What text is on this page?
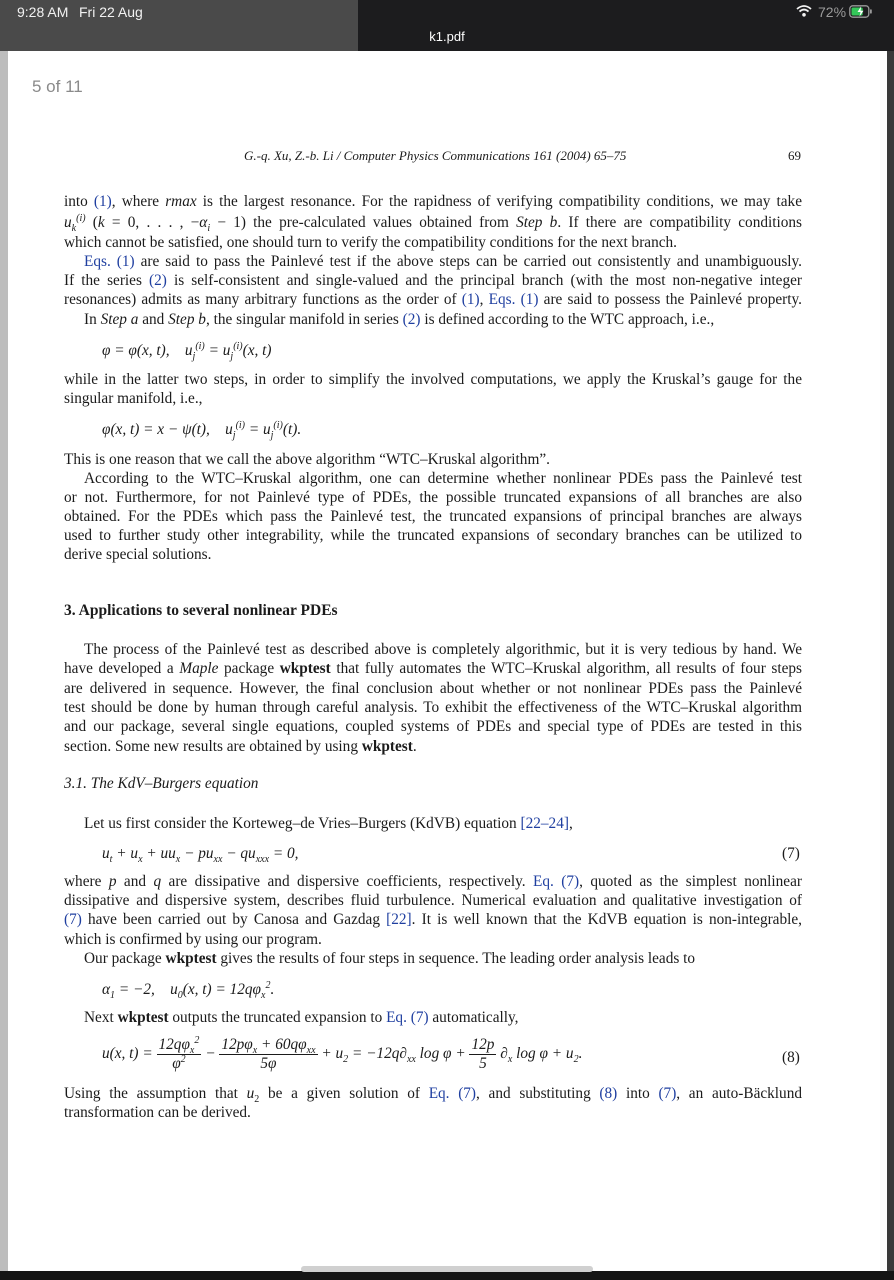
9:28 AM Fri 22 Aug	72%
k1.pdf
5 of 11
G.-q. Xu, Z.-b. Li / Computer Physics Communications 161 (2004) 65–75	69
into (1), where rmax is the largest resonance. For the rapidness of verifying compatibility conditions, we may take
$u_k^{(i)}$ (k = 0, . . . , $-\alpha_i - 1$) the pre-calculated values obtained from Step b. If there are compatibility conditions
which cannot be satisfied, one should turn to verify the compatibility conditions for the next branch.
Eqs. (1) are said to pass the Painlevé test if the above steps can be carried out consistently and unambiguously.
If the series (2) is self-consistent and single-valued and the principal branch (with the most non-negative integer
resonances) admits as many arbitrary functions as the order of (1), Eqs. (1) are said to possess the Painlevé property.
In Step a and Step b, the singular manifold in series (2) is defined according to the WTC approach, i.e.,
φ = φ(x, t),    $u_j^{(i)} = u_j^{(i)}(x$, t)
while in the latter two steps, in order to simplify the involved computations, we apply the Kruskal’s gauge for the
singular manifold, i.e.,
φ(x, t) = x − ψ(t),    $u_j^{(i)} = u_j^{(i)}(t)$.
This is one reason that we call the above algorithm “WTC–Kruskal algorithm”.
According to the WTC–Kruskal algorithm, one can determine whether nonlinear PDEs pass the Painlevé test
or not. Furthermore, for not Painlevé type of PDEs, the possible truncated expansions of all branches are also
obtained. For the PDEs which pass the Painlevé test, the truncated expansions of principal branches are always
used to further study other integrability, while the truncated expansions of secondary branches can be utilized to
derive special solutions.
3. Applications to several nonlinear PDEs
The process of the Painlevé test as described above is completely algorithmic, but it is very tedious by hand. We
have developed a Maple package wkptest that fully automates the WTC–Kruskal algorithm, all results of four steps
are delivered in sequence. However, the final conclusion about whether or not nonlinear PDEs pass the Painlevé
test should be done by human through careful analysis. To exhibit the effectiveness of the WTC–Kruskal algorithm
and our package, several single equations, coupled systems of PDEs and special type of PDEs are tested in this
section. Some new results are obtained by using wkptest.
3.1. The KdV–Burgers equation
Let us first consider the Korteweg–de Vries–Burgers (KdVB) equation [22–24],
$u_t + u_x + uu_x - pu_{xx} - qu_{xxx} = 0$,	(7)
where p and q are dissipative and dispersive coefficients, respectively. Eq. (7), quoted as the simplest nonlinear
dissipative and dispersive system, describes fluid turbulence. Numerical evaluation and qualitative investigation of
(7) have been carried out by Canosa and Gazdag [22]. It is well known that the KdVB equation is non-integrable,
which is confirmed by using our program.
Our package wkptest gives the results of four steps in sequence. The leading order analysis leads to
$\alpha_1 = -2$,    $u_0(x$, $t) = 12q\varphi_x^2$.
Next wkptest outputs the truncated expansion to Eq. (7) automatically,
u(x, $t) = \frac{12q\varphi_x^2}{\varphi^2} - \frac{12p\varphi_x + 60q\varphi_{xx}}{5\varphi} + u_2 = -12q\partial_{xx}$ $\log \varphi + \frac{12p}{5} \partial_x$ $\log \varphi + u_2$.	(8)
Using the assumption that $u_2$ be a given solution of Eq. (7), and substituting (8) into (7), an auto-Bäcklund
transformation can be derived.
